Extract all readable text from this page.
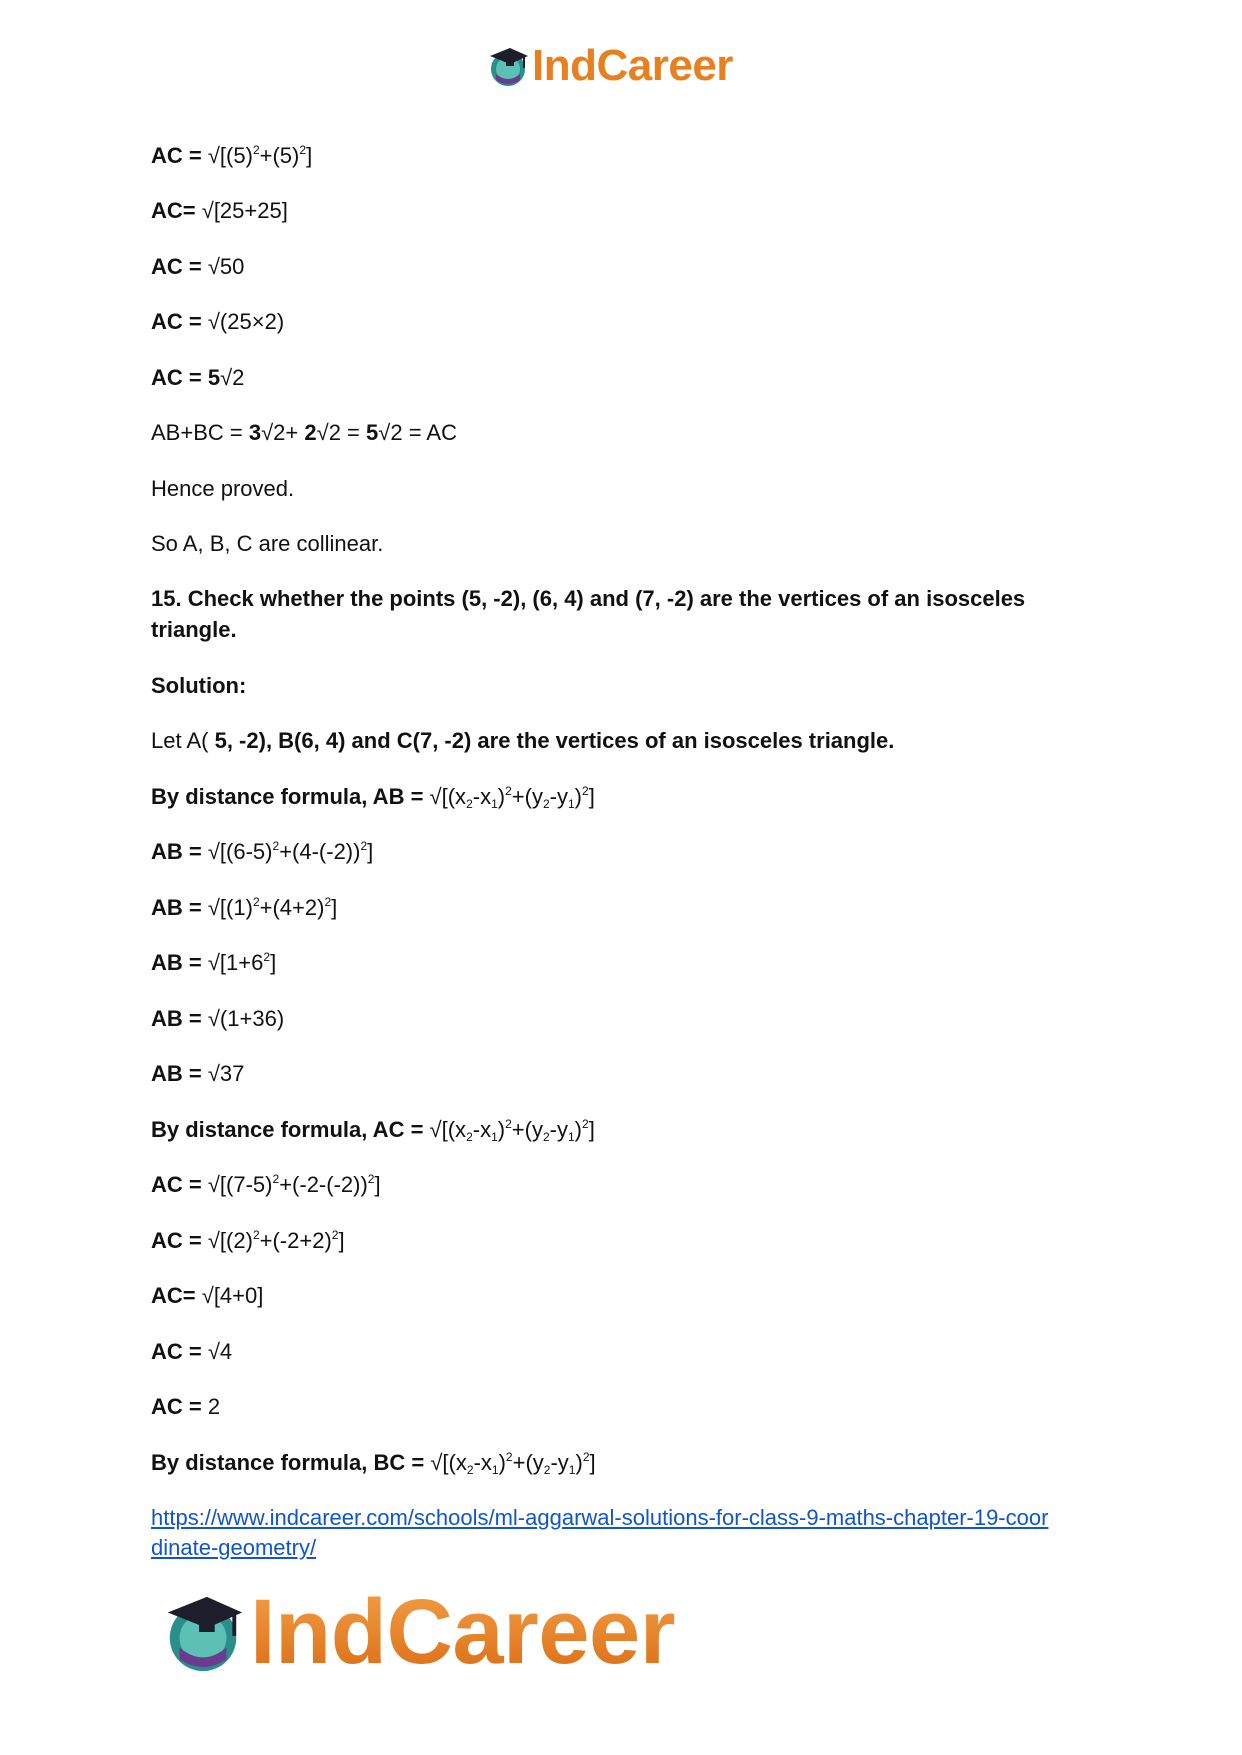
IndCareer
AC = $√[(5)^2+(5)^2]$
AC= √[25+25]
AC = √50
AC = √(25×2)
AC = 5√2
AB+BC = 3√2+ 2√2 = 5√2 = AC
Hence proved.
So A, B, C are collinear.
15. Check whether the points (5, -2), (6, 4) and (7, -2) are the vertices of an isosceles triangle.
Solution:
Let A( 5, -2), B(6, 4) and C(7, -2) are the vertices of an isosceles triangle.
By distance formula, AB = $√[(x_2-x_1)^2+(y_2-y_1)^2]$
AB = $√[(6-5)^2+(4-(-2))^2]$
AB = $√[(1)^2+(4+2)^2]$
AB = $√[1+6^2]$
AB = √(1+36)
AB = √37
By distance formula, AC = $√[(x_2-x_1)^2+(y_2-y_1)^2]$
AC = $√[(7-5)^2+(-2-(-2))^2]$
AC = $√[(2)^2+(-2+2)^2]$
AC= √[4+0]
AC = √4
AC = 2
By distance formula, BC = $√[(x_2-x_1)^2+(y_2-y_1)^2]$
https://www.indcareer.com/schools/ml-aggarwal-solutions-for-class-9-maths-chapter-19-coor
dinate-geometry/
IndCareer
